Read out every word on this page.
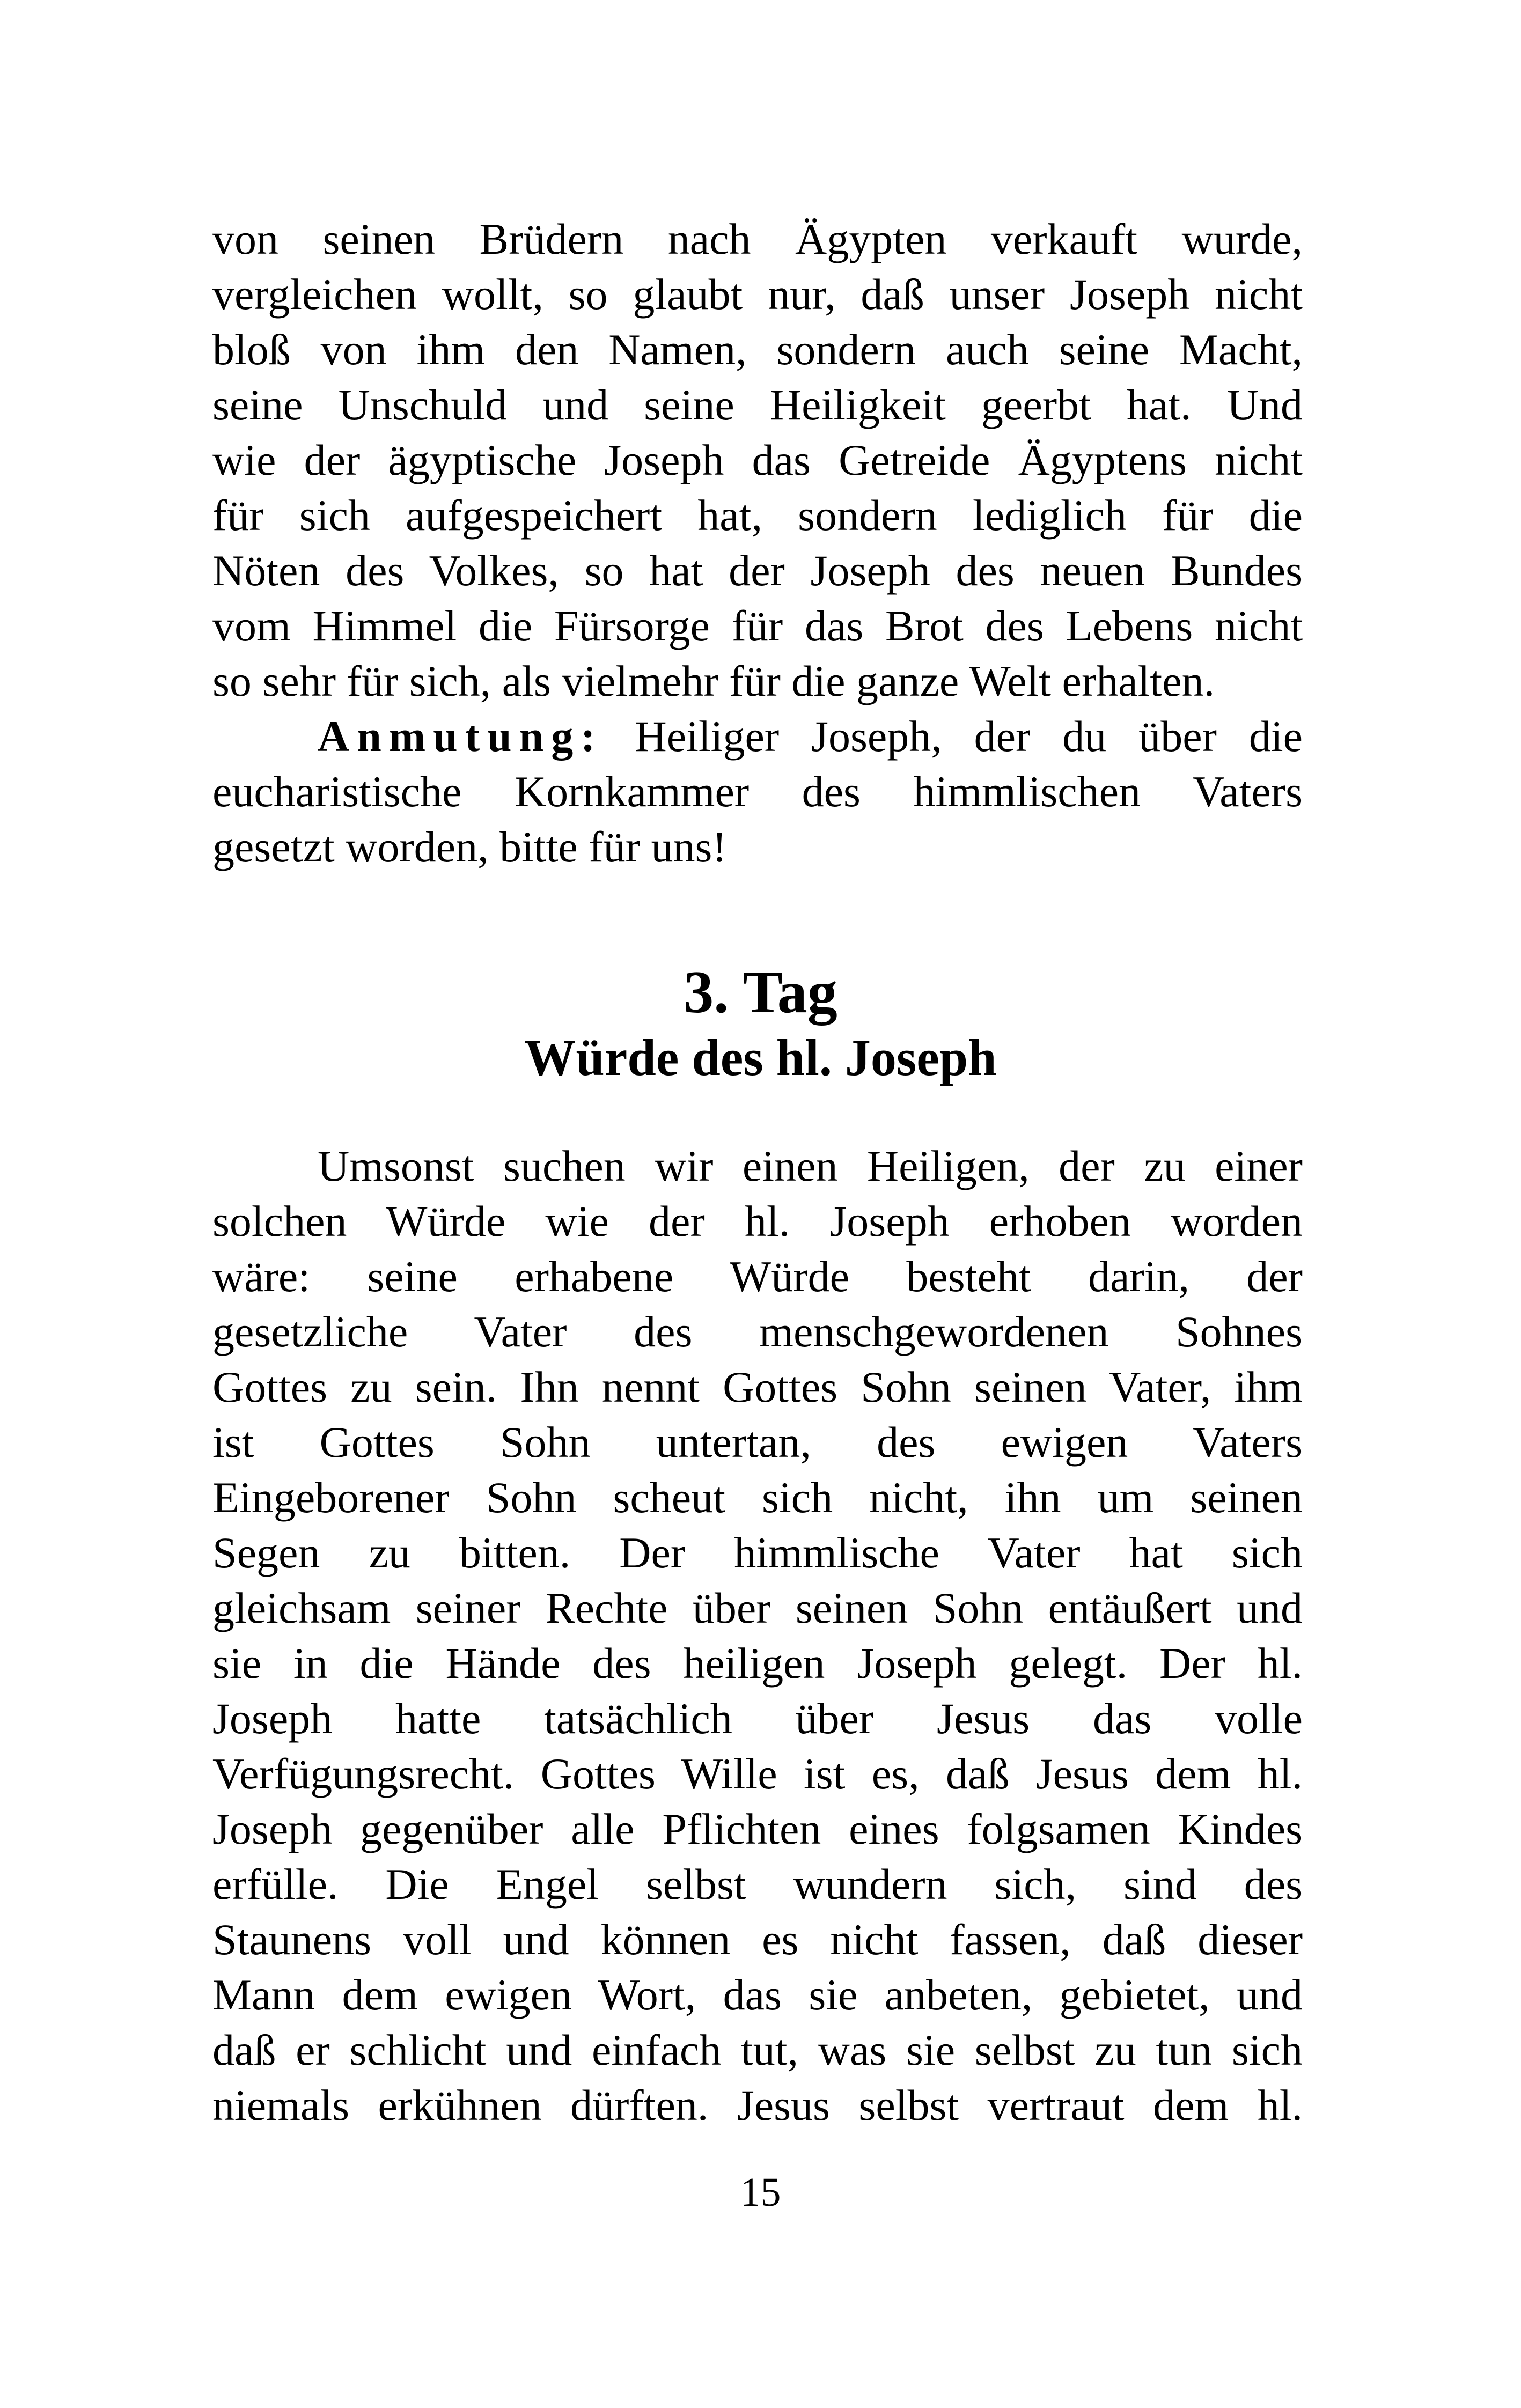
von seinen Brüdern nach Ägypten verkauft wurde,
vergleichen wollt, so glaubt nur, daß unser Joseph nicht
bloß von ihm den Namen, sondern auch seine Macht,
seine Unschuld und seine Heiligkeit geerbt hat. Und
wie der ägyptische Joseph das Getreide Ägyptens nicht
für sich aufgespeichert hat, sondern lediglich für die
Nöten des Volkes, so hat der Joseph des neuen Bundes
vom Himmel die Fürsorge für das Brot des Lebens nicht
so sehr für sich, als vielmehr für die ganze Welt erhalten.
Anmutung: Heiliger Joseph, der du über die
eucharistische Kornkammer des himmlischen Vaters
gesetzt worden, bitte für uns!
3. Tag
Würde des hl. Joseph
Umsonst suchen wir einen Heiligen, der zu einer
solchen Würde wie der hl. Joseph erhoben worden
wäre: seine erhabene Würde besteht darin, der
gesetzliche Vater des menschgewordenen Sohnes
Gottes zu sein. Ihn nennt Gottes Sohn seinen Vater, ihm
ist Gottes Sohn untertan, des ewigen Vaters
Eingeborener Sohn scheut sich nicht, ihn um seinen
Segen zu bitten. Der himmlische Vater hat sich
gleichsam seiner Rechte über seinen Sohn entäußert und
sie in die Hände des heiligen Joseph gelegt. Der hl.
Joseph hatte tatsächlich über Jesus das volle
Verfügungsrecht. Gottes Wille ist es, daß Jesus dem hl.
Joseph gegenüber alle Pflichten eines folgsamen Kindes
erfülle. Die Engel selbst wundern sich, sind des
Staunens voll und können es nicht fassen, daß dieser
Mann dem ewigen Wort, das sie anbeten, gebietet, und
daß er schlicht und einfach tut, was sie selbst zu tun sich
niemals erkühnen dürften. Jesus selbst vertraut dem hl.
15
